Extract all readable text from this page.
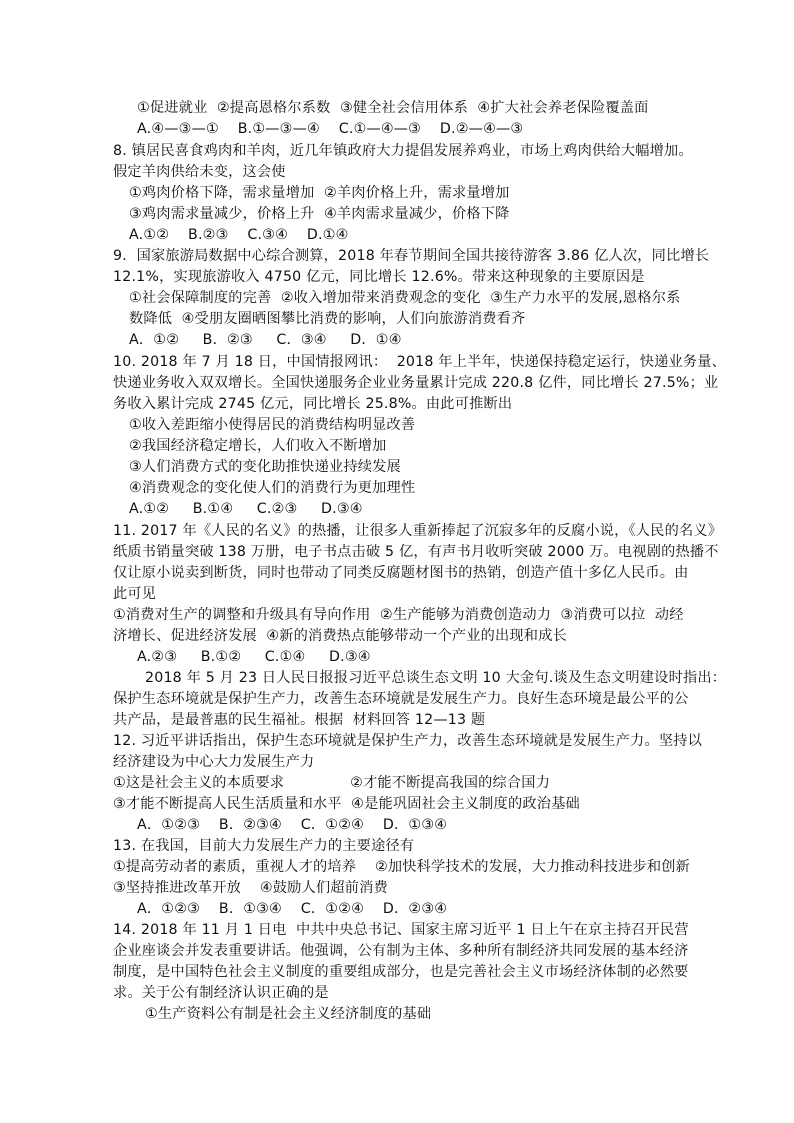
①促进就业  ②提高恩格尔系数  ③健全社会信用体系  ④扩大社会养老保险覆盖面
A.④—③—①    B.①—③—④    C.①—④—③    D.②—④—③
8. 镇居民喜食鸡肉和羊肉，近几年镇政府大力提倡发展养鸡业，市场上鸡肉供给大幅增加。
假定羊肉供给未变，这会使
①鸡肉价格下降，需求量增加  ②羊肉价格上升，需求量增加
③鸡肉需求量减少，价格上升  ④羊肉需求量减少，价格下降
A.①②    B.②③    C.③④    D.①④
9．国家旅游局数据中心综合测算，2018 年春节期间全国共接待游客 3.86 亿人次，同比增长
12.1%，实现旅游收入 4750 亿元，同比增长 12.6%。带来这种现象的主要原因是
①社会保障制度的完善  ②收入增加带来消费观念的变化  ③生产力水平的发展,恩格尔系
数降低  ④受朋友圈晒图攀比消费的影响，人们向旅游消费看齐
A．①②     B．②③     C．③④     D．①④
10. 2018 年 7 月 18 日，中国情报网讯：  2018 年上半年，快递保持稳定运行，快递业务量、
快递业务收入双双增长。全国快递服务企业业务量累计完成 220.8 亿件，同比增长 27.5%；业
务收入累计完成 2745 亿元，同比增长 25.8%。由此可推断出
①收入差距缩小使得居民的消费结构明显改善
②我国经济稳定增长，人们收入不断增加
③人们消费方式的变化助推快递业持续发展
④消费观念的变化使人们的消费行为更加理性
A.①②     B.①④     C.②③     D.③④
11. 2017 年《人民的名义》的热播，让很多人重新捧起了沉寂多年的反腐小说，《人民的名义》
纸质书销量突破 138 万册，电子书点击破 5 亿，有声书月收听突破 2000 万。电视剧的热播不
仅让原小说卖到断货，同时也带动了同类反腐题材图书的热销，创造产值十多亿人民币。由
此可见
①消费对生产的调整和升级具有导向作用  ②生产能够为消费创造动力  ③消费可以拉  动经
济增长、促进经济发展  ④新的消费热点能够带动一个产业的出现和成长
A.②③     B.①②     C.①④     D.③④
2018 年 5 月 23 日人民日报报习近平总谈生态文明 10 大金句.谈及生态文明建设时指出：
保护生态环境就是保护生产力，改善生态环境就是发展生产力。良好生态环境是最公平的公
共产品，是最普惠的民生福祉。根据  材料回答 12—13 题
12. 习近平讲话指出，保护生态环境就是保护生产力，改善生态环境就是发展生产力。坚持以
经济建设为中心大力发展生产力
①这是社会主义的本质要求              ②才能不断提高我国的综合国力
③才能不断提高人民生活质量和水平  ④是能巩固社会主义制度的政治基础
A．①②③    B．②③④    C．①②④    D．①③④
13. 在我国，目前大力发展生产力的主要途径有
①提高劳动者的素质，重视人才的培养    ②加快科学技术的发展，大力推动科技进步和创新
③坚持推进改革开放    ④鼓励人们超前消费
A．①②③    B．①③④    C．①②④    D．②③④
14. 2018 年 11 月 1 日电  中共中央总书记、国家主席习近平 1 日上午在京主持召开民营
企业座谈会并发表重要讲话。他强调，公有制为主体、多种所有制经济共同发展的基本经济
制度，是中国特色社会主义制度的重要组成部分，也是完善社会主义市场经济体制的必然要
求。关于公有制经济认识正确的是
①生产资料公有制是社会主义经济制度的基础
